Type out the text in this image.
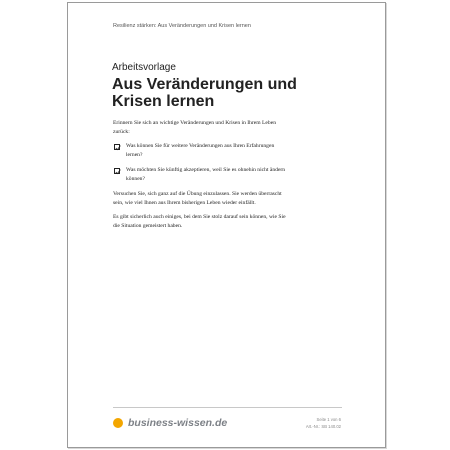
Resilienz stärken: Aus Veränderungen und Krisen lernen
Arbeitsvorlage
Aus Veränderungen und
Krisen lernen

Erinnern Sie sich an wichtige Veränderungen und Krisen in Ihrem Leben
zurück:

Was können Sie für weitere Veränderungen aus Ihren Erfahrungen
lernen?
Was möchten Sie künftig akzeptieren, weil Sie es ohnehin nicht ändern
können?

Versuchen Sie, sich ganz auf die Übung einzulassen. Sie werden überrascht
sein, wie viel Ihnen aus Ihrem bisherigen Leben wieder einfällt.

Es gibt sicherlich auch einiges, bei dem Sie stolz darauf sein können, wie Sie
die Situation gemeistert haben.

business-wissen.de	Seite 1 von 6
Art.-Nr.: SB 140.02
